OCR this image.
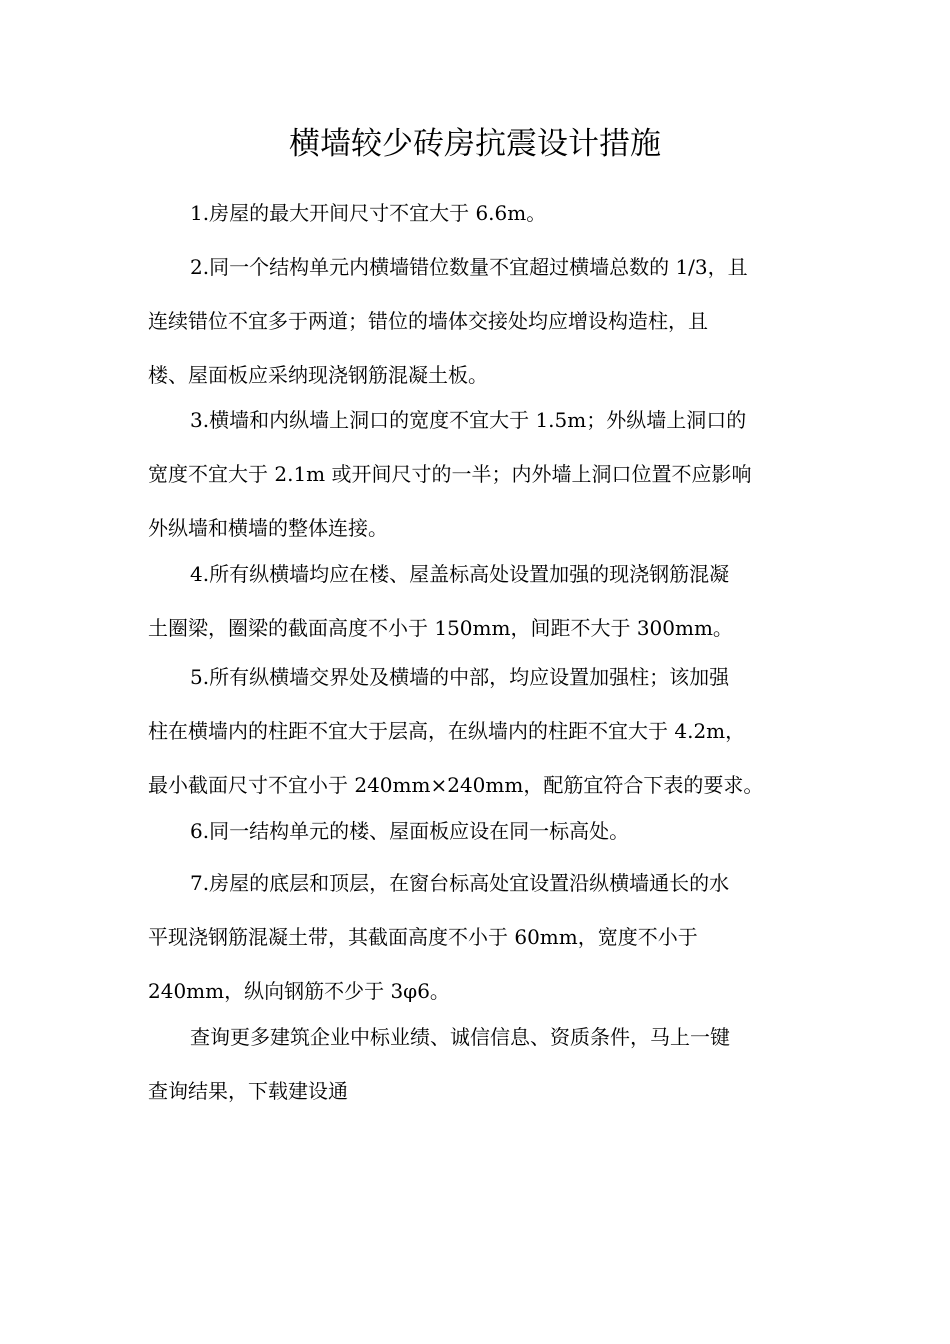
横墙较少砖房抗震设计措施

1.房屋的最大开间尺寸不宜大于 6.6m。

2.同一个结构单元内横墙错位数量不宜超过横墙总数的 1/3，且
连续错位不宜多于两道；错位的墙体交接处均应增设构造柱，且
楼、屋面板应采纳现浇钢筋混凝土板。

3.横墙和内纵墙上洞口的宽度不宜大于 1.5m；外纵墙上洞口的
宽度不宜大于 2.1m 或开间尺寸的一半；内外墙上洞口位置不应影响
外纵墙和横墙的整体连接。

4.所有纵横墙均应在楼、屋盖标高处设置加强的现浇钢筋混凝
土圈梁，圈梁的截面高度不小于 150mm，间距不大于 300mm。

5.所有纵横墙交界处及横墙的中部，均应设置加强柱；该加强
柱在横墙内的柱距不宜大于层高，在纵墙内的柱距不宜大于 4.2m，
最小截面尺寸不宜小于 240mm×240mm，配筋宜符合下表的要求。

6.同一结构单元的楼、屋面板应设在同一标高处。

7.房屋的底层和顶层，在窗台标高处宜设置沿纵横墙通长的水
平现浇钢筋混凝土带，其截面高度不小于 60mm，宽度不小于
240mm，纵向钢筋不少于 3φ6。

查询更多建筑企业中标业绩、诚信信息、资质条件，马上一键
查询结果，下载建设通
